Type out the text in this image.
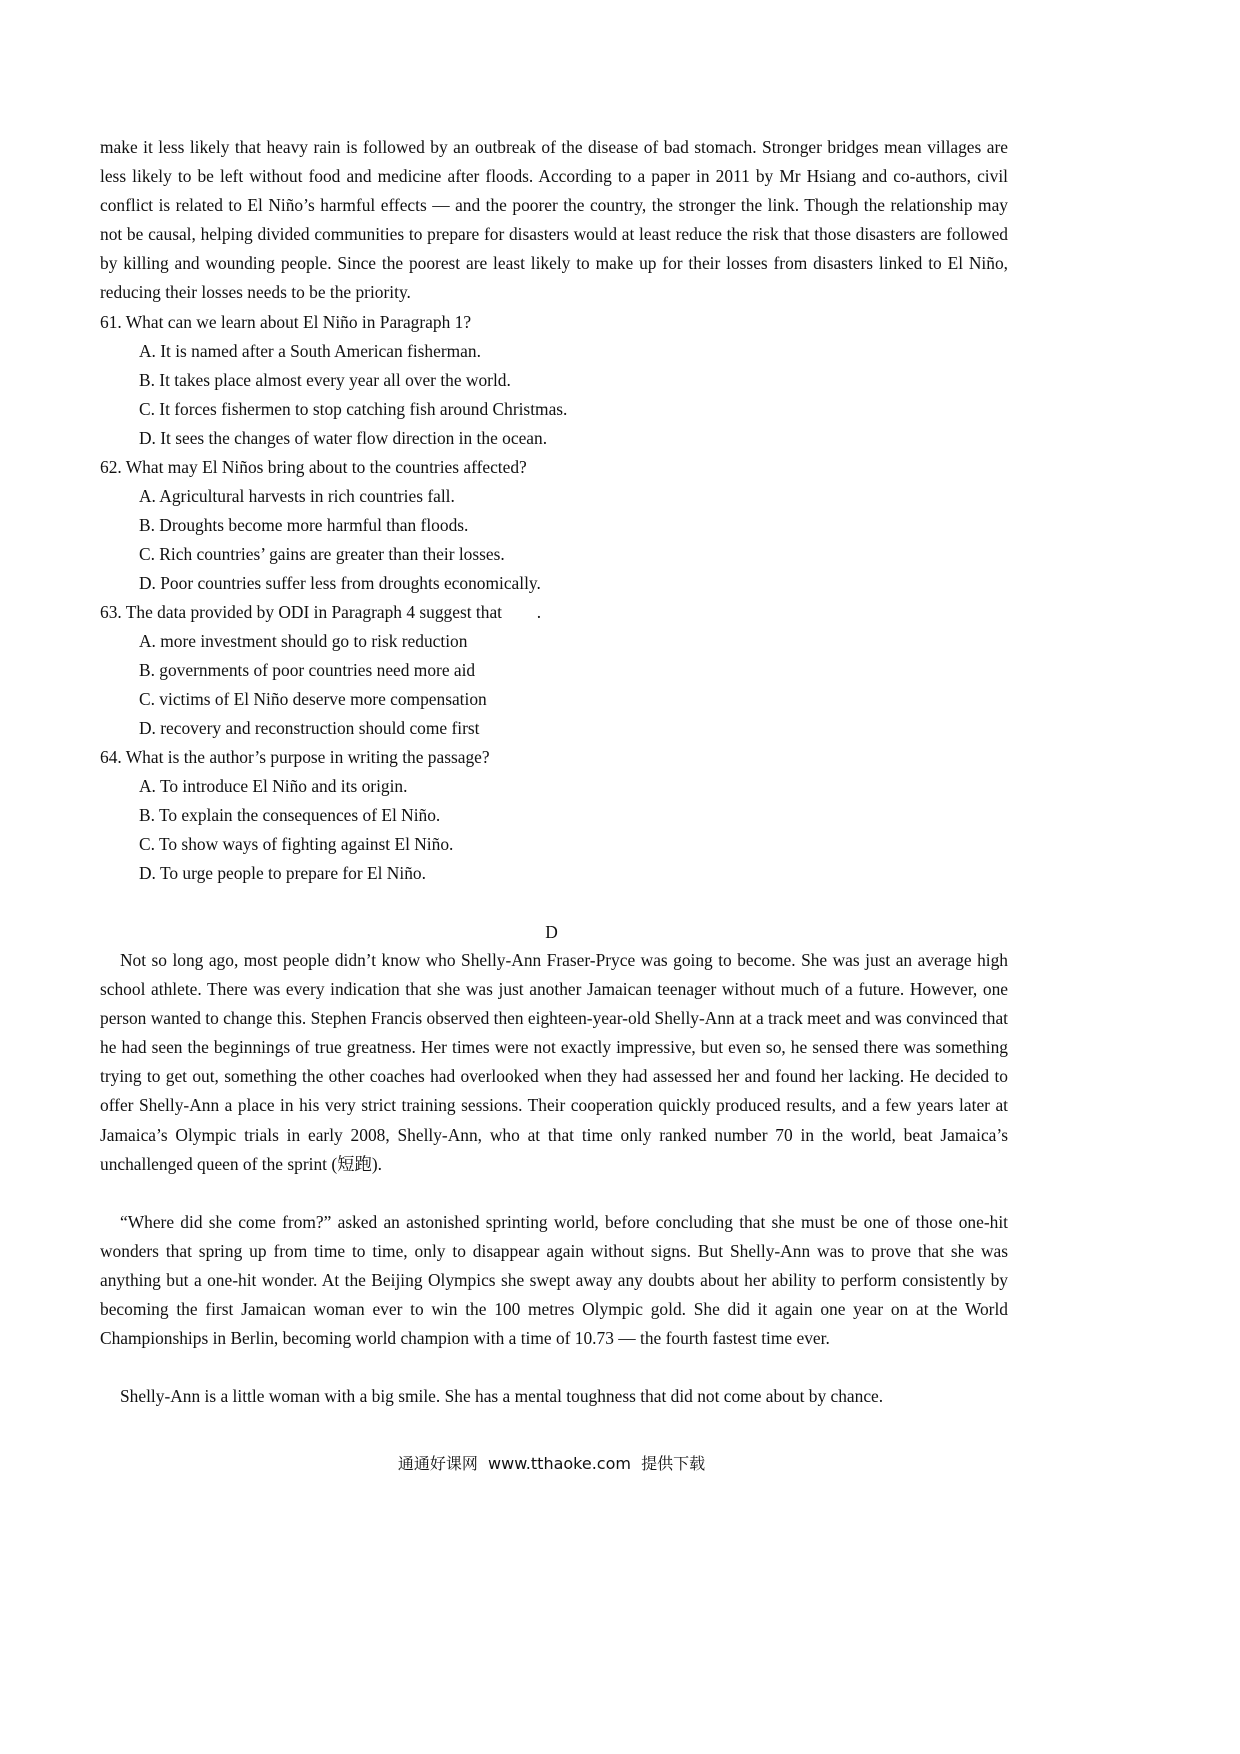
make it less likely that heavy rain is followed by an outbreak of the disease of bad stomach. Stronger bridges mean villages are less likely to be left without food and medicine after floods. According to a paper in 2011 by Mr Hsiang and co-authors, civil conflict is related to El Niño’s harmful effects — and the poorer the country, the stronger the link. Though the relationship may not be causal, helping divided communities to prepare for disasters would at least reduce the risk that those disasters are followed by killing and wounding people. Since the poorest are least likely to make up for their losses from disasters linked to El Niño, reducing their losses needs to be the priority.

61. What can we learn about El Niño in Paragraph 1?
A. It is named after a South American fisherman.
B. It takes place almost every year all over the world.
C. It forces fishermen to stop catching fish around Christmas.
D. It sees the changes of water flow direction in the ocean.
62. What may El Niños bring about to the countries affected?
A. Agricultural harvests in rich countries fall.
B. Droughts become more harmful than floods.
C. Rich countries’ gains are greater than their losses.
D. Poor countries suffer less from droughts economically.
63. The data provided by ODI in Paragraph 4 suggest that        .
A. more investment should go to risk reduction
B. governments of poor countries need more aid
C. victims of El Niño deserve more compensation
D. recovery and reconstruction should come first
64. What is the author’s purpose in writing the passage?
A. To introduce El Niño and its origin.
B. To explain the consequences of El Niño.
C. To show ways of fighting against El Niño.
D. To urge people to prepare for El Niño.
D

Not so long ago, most people didn’t know who Shelly-Ann Fraser-Pryce was going to become. She was just an average high school athlete. There was every indication that she was just another Jamaican teenager without much of a future. However, one person wanted to change this. Stephen Francis observed then eighteen-year-old Shelly-Ann at a track meet and was convinced that he had seen the beginnings of true greatness. Her times were not exactly impressive, but even so, he sensed there was something trying to get out, something the other coaches had overlooked when they had assessed her and found her lacking. He decided to offer Shelly-Ann a place in his very strict training sessions. Their cooperation quickly produced results, and a few years later at Jamaica’s Olympic trials in early 2008, Shelly-Ann, who at that time only ranked number 70 in the world, beat Jamaica’s unchallenged queen of the sprint (短跑).

“Where did she come from?” asked an astonished sprinting world, before concluding that she must be one of those one-hit wonders that spring up from time to time, only to disappear again without signs. But Shelly-Ann was to prove that she was anything but a one-hit wonder. At the Beijing Olympics she swept away any doubts about her ability to perform consistently by becoming the first Jamaican woman ever to win the 100 metres Olympic gold. She did it again one year on at the World Championships in Berlin, becoming world champion with a time of 10.73 — the fourth fastest time ever.

Shelly-Ann is a little woman with a big smile. She has a mental toughness that did not come about by chance.

通通好课网  www.tthaoke.com  提供下载
